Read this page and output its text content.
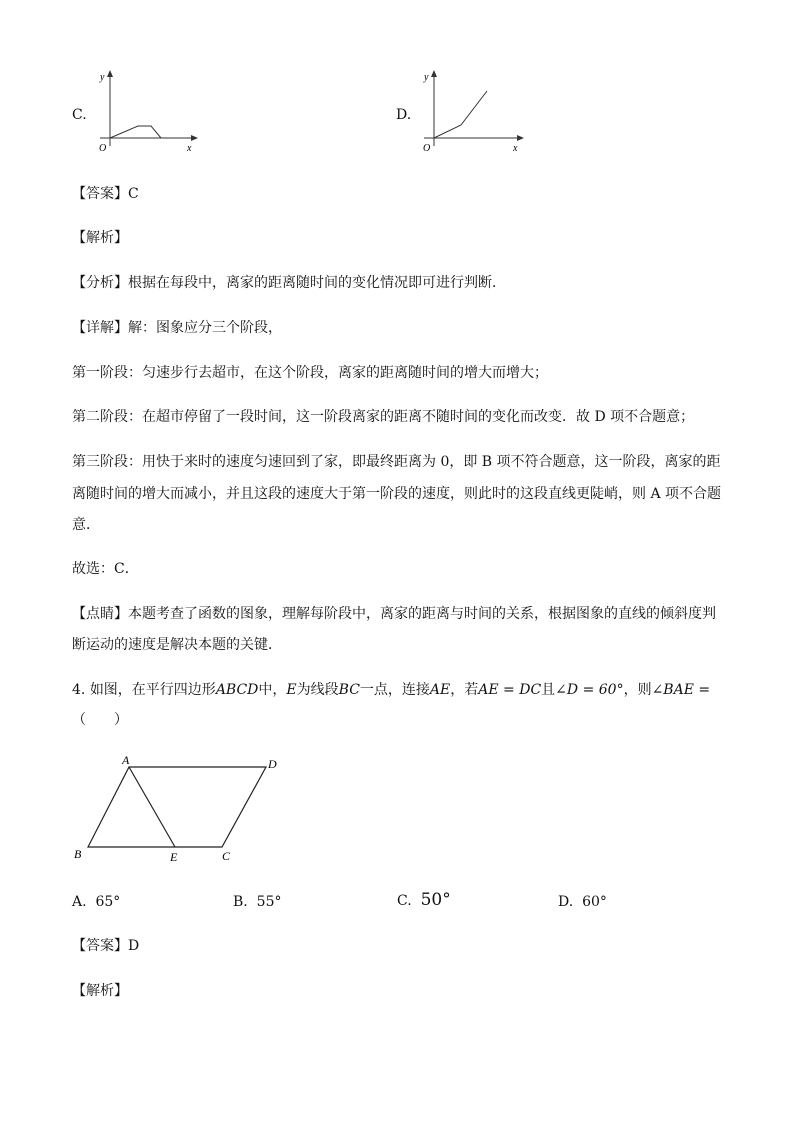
C.
y
O	x
D.
y
O	x
【答案】C
【解析】
【分析】根据在每段中，离家的距离随时间的变化情况即可进行判断．
【详解】解：图象应分三个阶段，
第一阶段：匀速步行去超市，在这个阶段，离家的距离随时间的增大而增大；
第二阶段：在超市停留了一段时间，这一阶段离家的距离不随时间的变化而改变．故 D 项不合题意；
第三阶段：用快于来时的速度匀速回到了家，即最终距离为 0，即 B 项不符合题意，这一阶段，离家的距
离随时间的增大而减小，并且这段的速度大于第一阶段的速度，则此时的这段直线更陡峭，则 A 项不合题
意．
故选：C．
【点睛】本题考查了函数的图象，理解每阶段中，离家的距离与时间的关系，根据图象的直线的倾斜度判
断运动的速度是解决本题的关键．
4. 如图，在平行四边形ABCD中，E为线段BC一点，连接AE，若AE = DC且∠D = 60°，则∠BAE =
（　　）
A	D
B	E	C
A. 65°	B. 55°	C. 50°	D. 60°
【答案】D
【解析】
